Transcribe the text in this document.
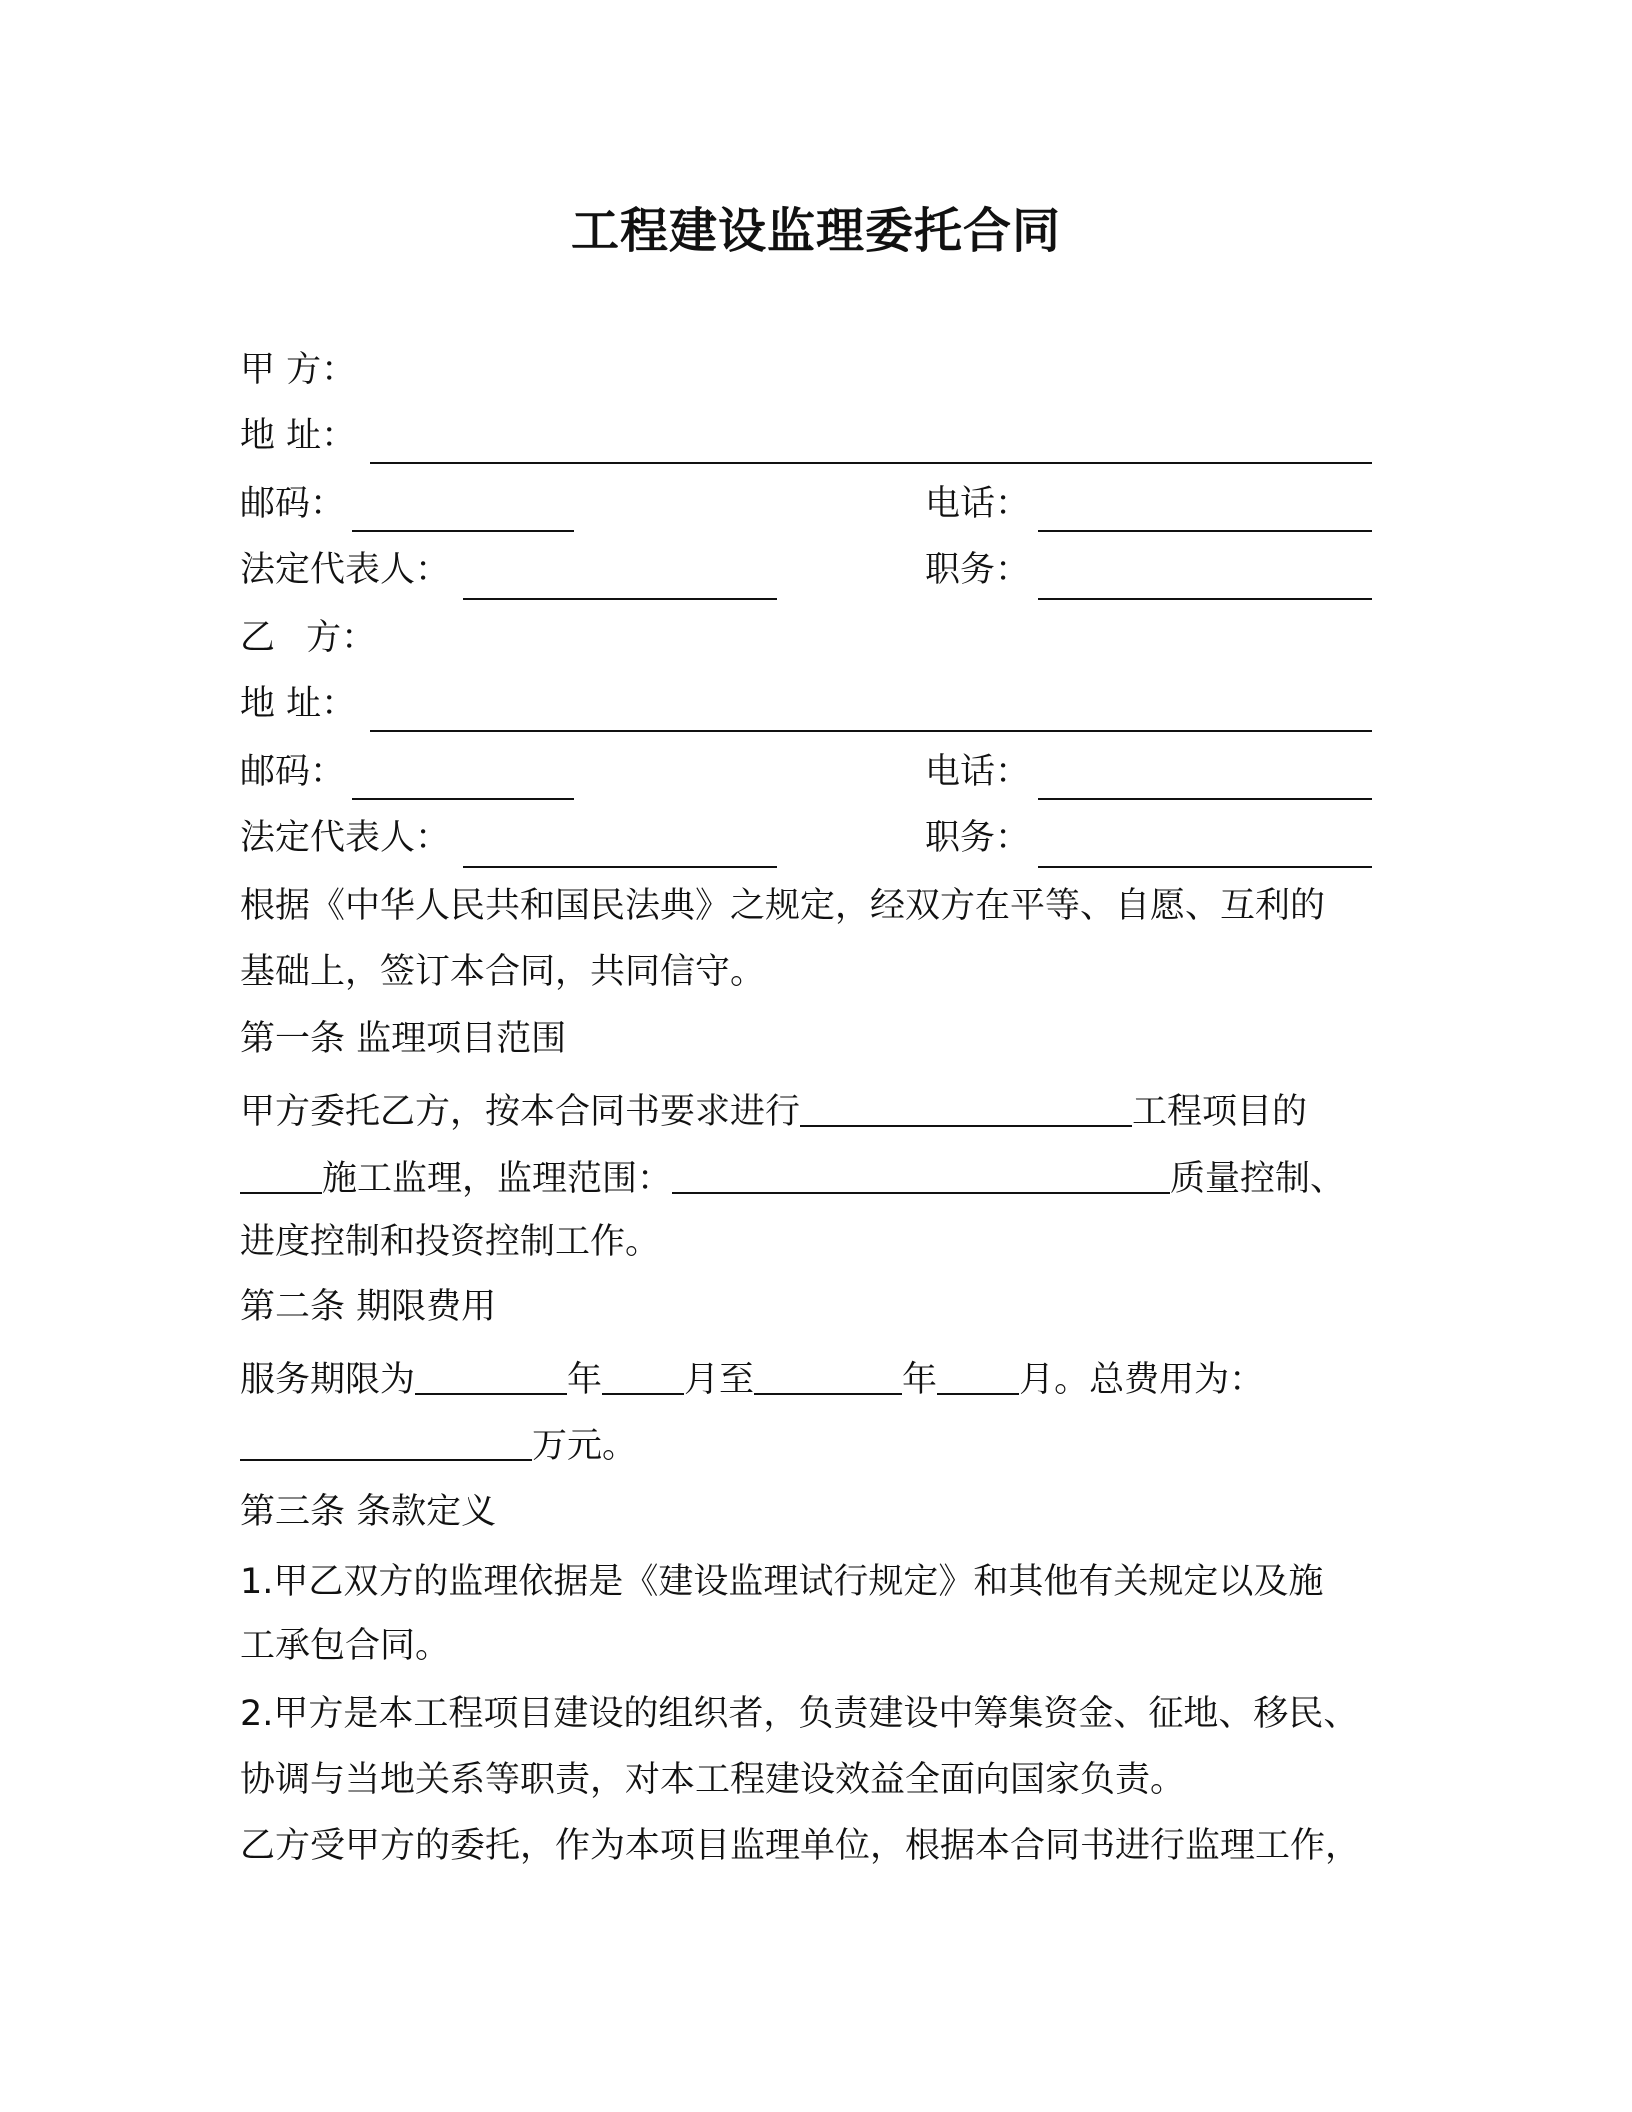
工程建设监理委托合同
甲 方：
地 址：
邮码：	电话：
法定代表人：	职务：
乙 方：
地 址：
邮码：	电话：
法定代表人：	职务：
根据《中华人民共和国民法典》之规定，经双方在平等、自愿、互利的
基础上，签订本合同，共同信守。
第一条 监理项目范围
甲方委托乙方，按本合同书要求进行	工程项目的
施工监理，监理范围：	质量控制、
进度控制和投资控制工作。
第二条 期限费用
服务期限为	年 月至	年 月。总费用为：
万元。
第三条 条款定义
1.甲乙双方的监理依据是《建设监理试行规定》和其他有关规定以及施
工承包合同。
2.甲方是本工程项目建设的组织者，负责建设中筹集资金、征地、移民、
协调与当地关系等职责，对本工程建设效益全面向国家负责。
乙方受甲方的委托，作为本项目监理单位，根据本合同书进行监理工作，
